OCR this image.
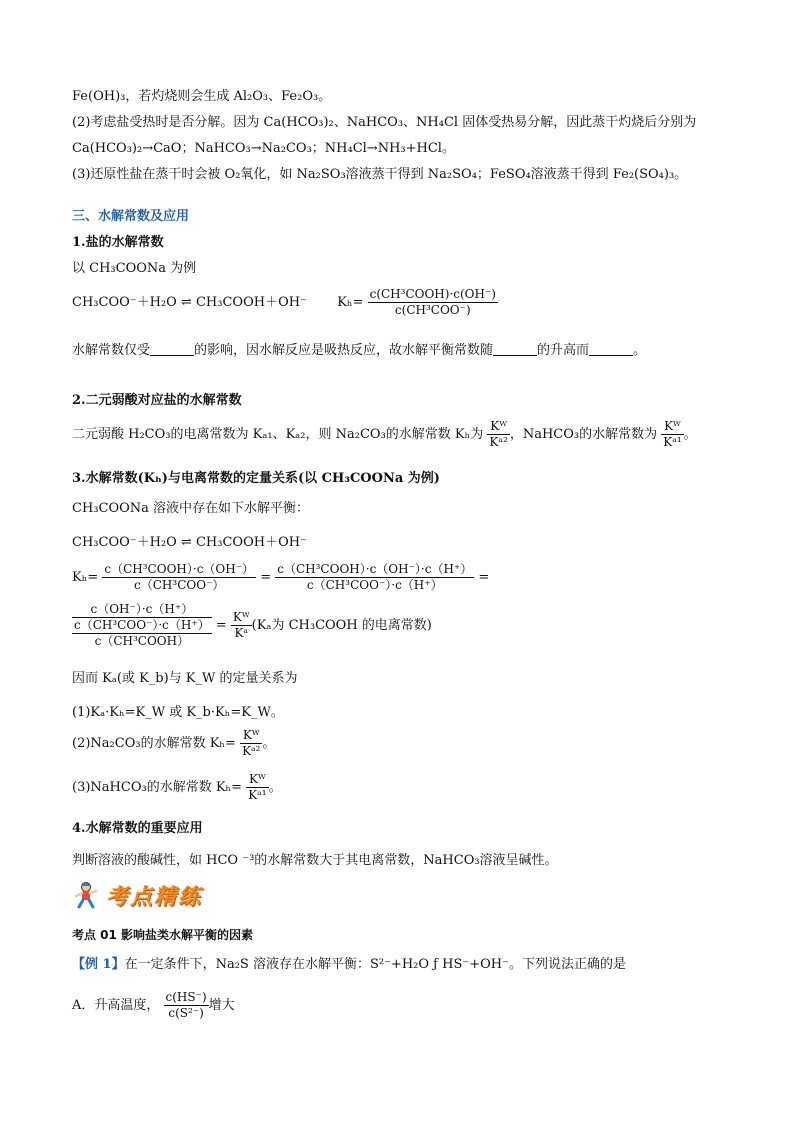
Fe(OH)₃，若灼烧则会生成 Al₂O₃、Fe₂O₃。
(2)考虑盐受热时是否分解。因为 Ca(HCO₃)₂、NaHCO₃、NH₄Cl 固体受热易分解，因此蒸干灼烧后分别为
Ca(HCO₃)₂→CaO；NaHCO₃→Na₂CO₃；NH₄Cl→NH₃+HCl。
(3)还原性盐在蒸干时会被 O₂氧化，如 Na₂SO₃溶液蒸干得到 Na₂SO₄；FeSO₄溶液蒸干得到 Fe₂(SO₄)₃。
三、水解常数及应用
1.盐的水解常数
以 CH₃COONa 为例
CH₃COO⁻＋H₂O ⇌ CH₃COOH＋OH⁻ $K_h= \frac{\text{c(CH³COOH)·c(OH⁻)}}{\text{c(CH³COO⁻)}}$
水解常数仅受	的影响，因水解反应是吸热反应，故水解平衡常数随	的升高而	。
2.二元弱酸对应盐的水解常数
二元弱酸 H₂CO₃的电离常数为 Kₐ₁、Kₐ₂，则 Na₂CO₃的水解常数 Kₕ为 $\frac{\text{Kᵂ}}{\text{Kᵃ²}}$ ，NaHCO₃的水解常数为 $\frac{\text{Kᵂ}}{\text{Kᵃ¹}}$ 。
3.水解常数(Kₕ)与电离常数的定量关系(以 CH₃COONa 为例)
CH₃COONa 溶液中存在如下水解平衡：
CH₃COO⁻＋H₂O ⇌ CH₃COOH＋OH⁻
$K_h= \frac{\text{c（CH³COOH）·c（OH⁻）}}{\text{c（CH³COO⁻）}} = \frac{\text{c（CH³COOH）·c（OH⁻）·c（H⁺）}}{\text{c（CH³COO⁻）·c（H⁺）}}$ =
$\frac{c(OH^-)\cdot c(H^+)}{\frac{\text{c（CH³COO⁻）·c（H⁺）}}{\text{c（CH³COOH）}}} = \frac{\text{Kᵂ}}{\text{Kᵃ}} (K_a$为 CH₃COOH 的电离常数)
因而 Kₐ(或 K_b)与 K_W 的定量关系为
(1)Kₐ·Kₕ=K_W 或 K_b·Kₕ=K_W。
(2)Na₂CO₃的水解常数 $K_h= \frac{\text{Kᵂ}}{\text{Kᵃ²}}$ 。
(3)NaHCO₃的水解常数 $K_h= \frac{\text{Kᵂ}}{\text{Kᵃ¹}}$ 。
4.水解常数的重要应用
判断溶液的酸碱性，如 HCO ⁻³的水解常数大于其电离常数，NaHCO₃溶液呈碱性。
考点精练
考点 01 影响盐类水解平衡的因素
【例 1】在一定条件下，Na₂S 溶液存在水解平衡：S²⁻+H₂O ƒ HS⁻+OH⁻。下列说法正确的是
A．升高温度， $\frac{c(HS^-)}{\text{c(S²⁻)}}$ 增大
